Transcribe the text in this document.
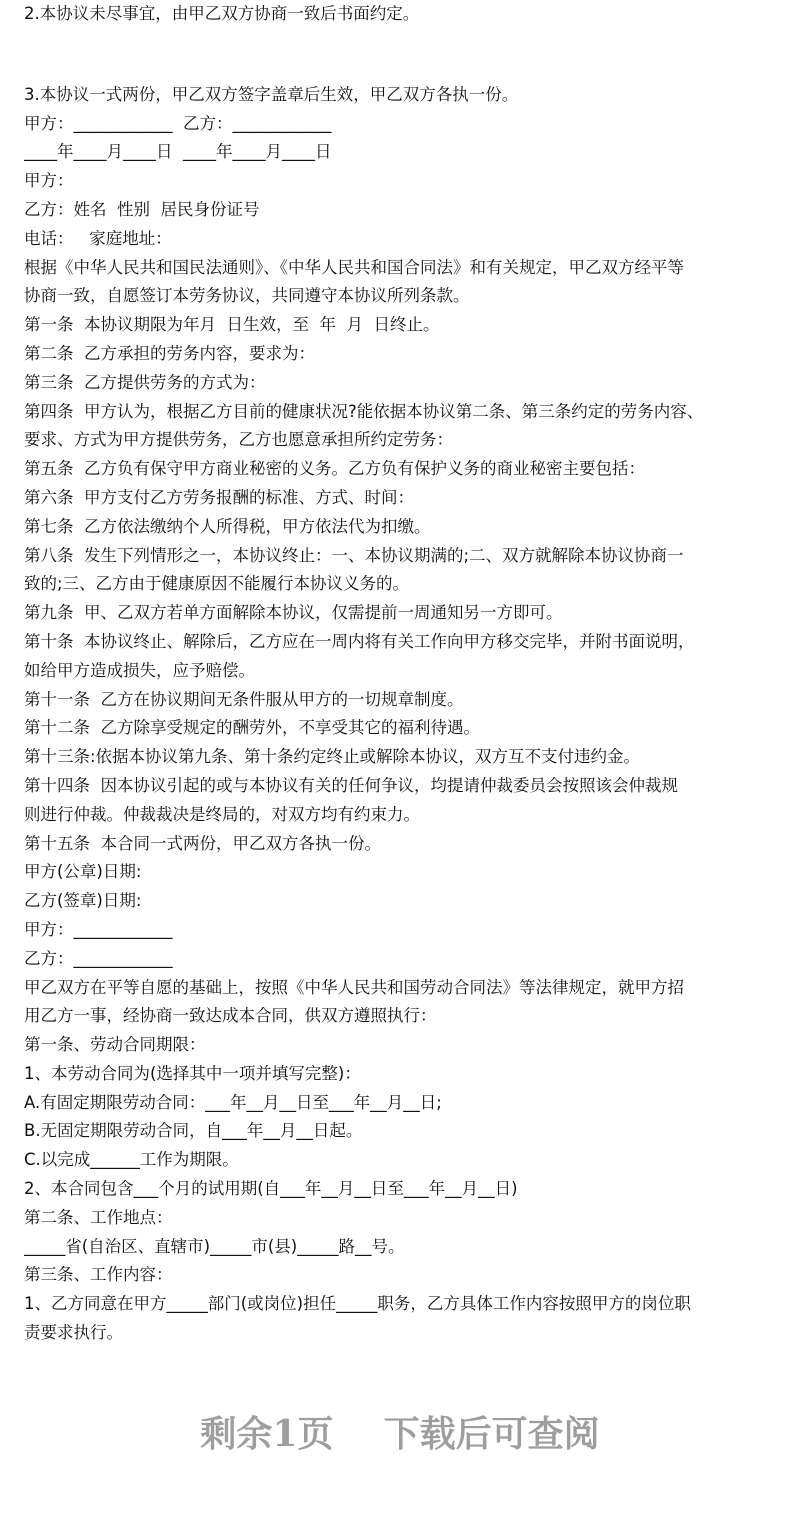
2.本协议未尽事宜，由甲乙双方协商一致后书面约定。
3.本协议一式两份，甲乙双方签字盖章后生效，甲乙双方各执一份。
甲方：____________  乙方：____________
____年____月____日  ____年____月____日
甲方：
乙方：姓名  性别  居民身份证号
电话：   家庭地址：
根据《中华人民共和国民法通则》、《中华人民共和国合同法》和有关规定，甲乙双方经平等
协商一致，自愿签订本劳务协议，共同遵守本协议所列条款。
第一条  本协议期限为年月  日生效，至  年  月  日终止。
第二条  乙方承担的劳务内容，要求为：
第三条  乙方提供劳务的方式为：
第四条  甲方认为，根据乙方目前的健康状况?能依据本协议第二条、第三条约定的劳务内容、
要求、方式为甲方提供劳务，乙方也愿意承担所约定劳务：
第五条  乙方负有保守甲方商业秘密的义务。乙方负有保护义务的商业秘密主要包括：
第六条  甲方支付乙方劳务报酬的标准、方式、时间：
第七条  乙方依法缴纳个人所得税，甲方依法代为扣缴。
第八条  发生下列情形之一，本协议终止：一、本协议期满的;二、双方就解除本协议协商一
致的;三、乙方由于健康原因不能履行本协议义务的。
第九条  甲、乙双方若单方面解除本协议，仅需提前一周通知另一方即可。
第十条  本协议终止、解除后，乙方应在一周内将有关工作向甲方移交完毕，并附书面说明，
如给甲方造成损失，应予赔偿。
第十一条  乙方在协议期间无条件服从甲方的一切规章制度。
第十二条  乙方除享受规定的酬劳外，不享受其它的福利待遇。
第十三条:依据本协议第九条、第十条约定终止或解除本协议，双方互不支付违约金。
第十四条  因本协议引起的或与本协议有关的任何争议，均提请仲裁委员会按照该会仲裁规
则进行仲裁。仲裁裁决是终局的，对双方均有约束力。
第十五条  本合同一式两份，甲乙双方各执一份。
甲方(公章)日期:
乙方(签章)日期:
甲方：____________
乙方：____________
甲乙双方在平等自愿的基础上，按照《中华人民共和国劳动合同法》等法律规定，就甲方招
用乙方一事，经协商一致达成本合同，供双方遵照执行：
第一条、劳动合同期限：
1、本劳动合同为(选择其中一项并填写完整)：
A.有固定期限劳动合同：___年__月__日至___年__月__日;
B.无固定期限劳动合同，自___年__月__日起。
C.以完成______工作为期限。
2、本合同包含___个月的试用期(自___年__月__日至___年__月__日)
第二条、工作地点：
_____省(自治区、直辖市)_____市(县)_____路__号。
第三条、工作内容：
1、乙方同意在甲方_____部门(或岗位)担任_____职务，乙方具体工作内容按照甲方的岗位职
责要求执行。
剩余1页    下载后可查阅
